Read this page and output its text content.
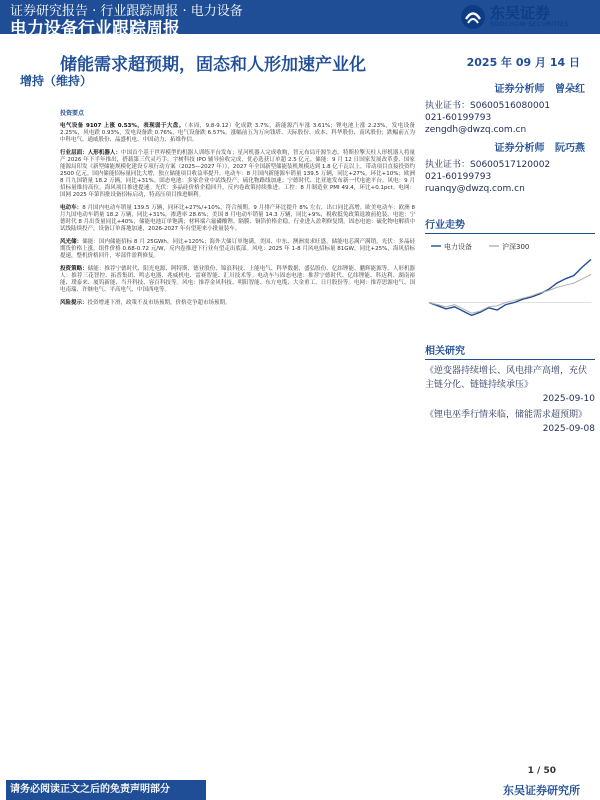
证券研究报告 · 行业跟踪周报 · 电力设备
电力设备行业跟踪周报
东吴证券
SOOCHOW SECURITIES
储能需求超预期，固态和人形加速产业化	2025 年 09 月 14 日
增持（维持）
投资要点
电气设备 9107 上涨 0.53%，表现弱于大盘。（本周，9.8-9.12）化成跌 3.7%，新能源汽车涨 3.61%；锂电池上涨 2.23%，发电设备 2.25%，风电跌 0.93%，发电设备跌 0.76%，电气设备跌 6.57%。涨幅前五为万向钱塔、天际股份、成本、科华股份、南风股份；跌幅前五为中科电气、通威股份、晶盛机电、中国动力、拓维作信。
行业层面：人形机器人：中国首个基于世界模型的机器人训练平台发布；星河机器人完成收购，智元布局开源生态。特斯拉擎天柱人形机器人将量产 2026 年下半年推出，搭载第三代灵巧手。宇树科技 IPO 辅导验收完成，优必选获订单超 2.5 亿元。储能：9 月 12 日国家发展改革委、国家能源局印发《新型储能规模化建设专项行动方案（2025—2027 年）》，2027 年全国新型储能装机规模达到 1.8 亿千瓦以上，带动项目直接投资约 2500 亿元。国内储能招标量同比大增，独立储能项目收益率提升。电动车：8 月国内新能源车销量 139.5 万辆，同比+27%，环比+10%；欧洲 8 月九国销量 18.2 万辆，同比+31%。固态电池：多家企业中试线投产，硫化物路线加速；宁德时代、比亚迪发布新一代电池平台。风电：9 月招标量维持高位，海风项目推进提速。光伏：多晶硅价格企稳回升，反内卷政策持续推进。工控：8 月制造业 PMI 49.4，环比+0.1pct。电网：国网 2025 年第四批设备招标启动，特高压项目推进顺利。
电动车：8 月国内电动车销量 139.5 万辆，同环比+27%/+10%，符合预期。9 月排产环比提升 8% 左右，出口同比高增。欧美电动车：欧洲 8 月九国电动车销量 18.2 万辆，同比+31%，渗透率 28.6%；美国 8 月电动车销量 14.3 万辆，同比+9%，税收抵免政策退坡前抢装。电池：宁德时代 8 月出货量同比+40%，储能电池订单饱满；材料端六氟磷酸锂、隔膜、铜箔价格企稳，行业进入盈利修复期。固态电池：硫化物电解质中试线陆续投产，设备订单落地加速，2026-2027 年有望迎来小批量装车。
风光储：储能：国内储能招标 8 月 25GWh，同比+120%；海外大储订单饱满，美国、中东、澳洲需求旺盛，储能电芯满产满销。光伏：多晶硅期货价格上涨，组件价格 0.68-0.72 元/W，反内卷推进下行业有望走出底部。风电：2025 年 1-8 月风电招标量 81GW，同比+25%，海风招标提速，整机价格回升，零部件盈利修复。
投资策略：储能：推荐宁德时代、阳光电源、阿特斯、德业股份、锦浪科技、上能电气、科华数据、盛弘股份、亿纬锂能、鹏辉能源等。人形机器人：推荐三花智控、拓普集团、鸣志电器、兆威机电、雷赛智能、汇川技术等。电动车与固态电池：推荐宁德时代、亿纬锂能、科达利、湖南裕能、璞泰来、厦钨新能、当升科技、容百科技等。风电：推荐金风科技、明阳智能、东方电缆、大金重工、日月股份等。电网：推荐思源电气、国电南瑞、许继电气、平高电气、中国西电等。
风险提示：投资增速下滑，政策不及市场预期，价格竞争超市场预期。
证券分析师 曾朵红
执业证书：S0600516080001
021-60199793
zengdh@dwzq.com.cn
证券分析师 阮巧燕
执业证书：S0600517120002
021-60199793
ruanqy@dwzq.com.cn
行业走势
电力设备	沪深300
相关研究
《逆变器持续增长、风电排产高增，充伏主链分化、链链持续承压》
2025-09-10
《锂电巫季行情来临，储能需求超预期》
2025-09-08
1 / 50
请务必阅读正文之后的免责声明部分	东吴证券研究所
